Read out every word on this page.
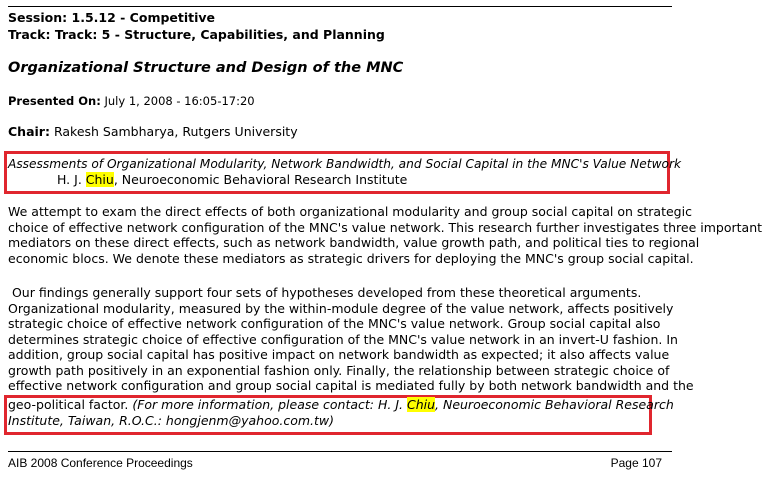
Session: 1.5.12 - Competitive
Track: Track: 5 - Structure, Capabilities, and Planning
Organizational Structure and Design of the MNC
Presented On: July 1, 2008 - 16:05-17:20
Chair: Rakesh Sambharya, Rutgers University
Assessments of Organizational Modularity, Network Bandwidth, and Social Capital in the MNC's Value Network
H. J. Chiu, Neuroeconomic Behavioral Research Institute
We attempt to exam the direct effects of both organizational modularity and group social capital on strategic
choice of effective network configuration of the MNC's value network. This research further investigates three important
mediators on these direct effects, such as network bandwidth, value growth path, and political ties to regional
economic blocs. We denote these mediators as strategic drivers for deploying the MNC's group social capital.
Our findings generally support four sets of hypotheses developed from these theoretical arguments.
Organizational modularity, measured by the within-module degree of the value network, affects positively
strategic choice of effective network configuration of the MNC's value network. Group social capital also
determines strategic choice of effective configuration of the MNC's value network in an invert-U fashion. In
addition, group social capital has positive impact on network bandwidth as expected; it also affects value
growth path positively in an exponential fashion only. Finally, the relationship between strategic choice of
effective network configuration and group social capital is mediated fully by both network bandwidth and the
geo-political factor. (For more information, please contact: H. J. Chiu, Neuroeconomic Behavioral Research
Institute, Taiwan, R.O.C.: hongjenm@yahoo.com.tw)
AIB 2008 Conference Proceedings	Page 107
